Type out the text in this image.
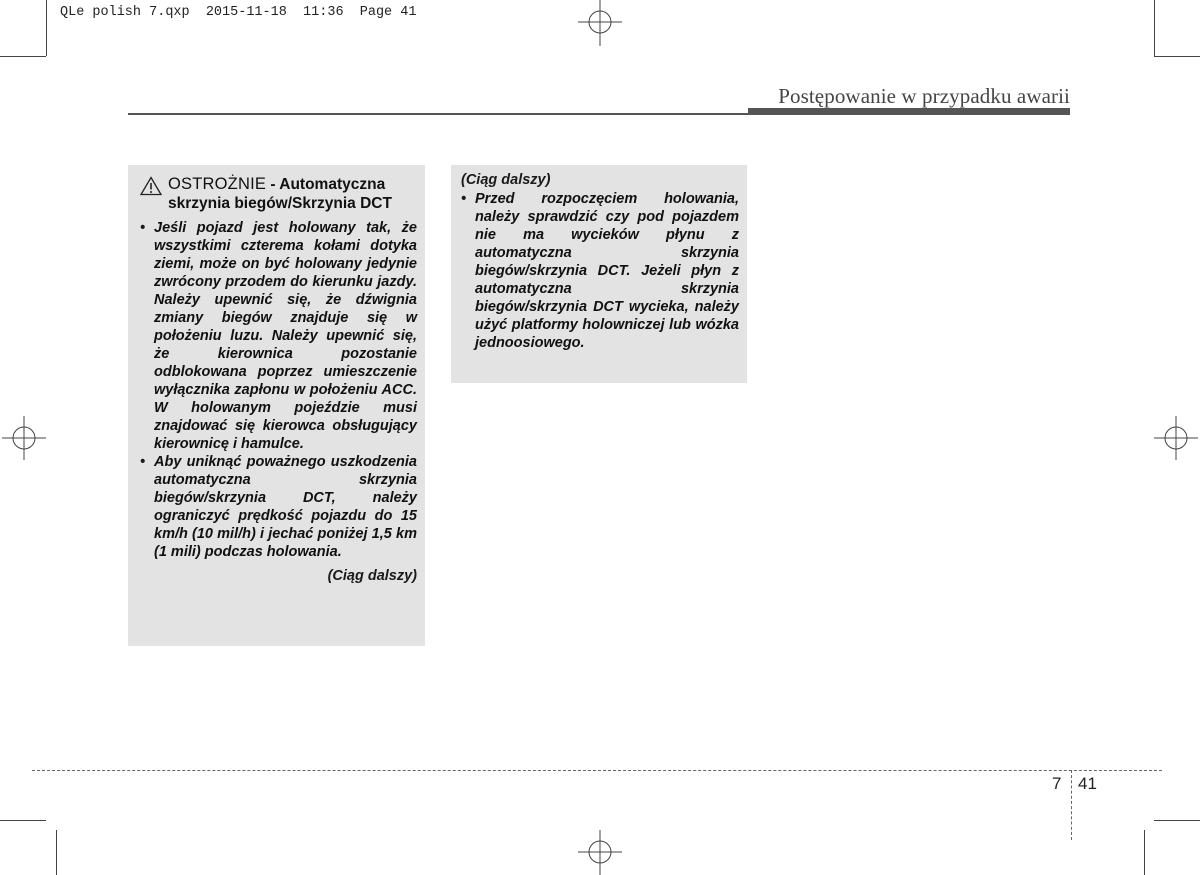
QLe polish 7.qxp  2015-11-18  11:36  Page 41
Postępowanie w przypadku awarii
OSTROŻNIE - Automatyczna skrzynia biegów/Skrzynia DCT
• Jeśli pojazd jest holowany tak, że wszystkimi czterema kołami dotyka ziemi, może on być holowany jedynie zwrócony przodem do kierunku jazdy. Należy upewnić się, że dźwignia zmiany biegów znajduje się w położeniu luzu. Należy upewnić się, że kierownica pozostanie odblokowana poprzez umieszczenie wyłącznika zapłonu w położeniu ACC. W holowanym pojeździe musi znajdować się kierowca obsługujący kierownicę i hamulce.
• Aby uniknąć poważnego uszkodzenia automatyczna skrzynia biegów/skrzynia DCT, należy ograniczyć prędkość pojazdu do 15 km/h (10 mil/h) i jechać poniżej 1,5 km (1 mili) podczas holowania.
(Ciąg dalszy)
(Ciąg dalszy)
• Przed rozpoczęciem holowania, należy sprawdzić czy pod pojazdem nie ma wycieków płynu z automatyczna skrzynia biegów/skrzynia DCT. Jeżeli płyn z automatyczna skrzynia biegów/skrzynia DCT wycieka, należy użyć platformy holowniczej lub wózka jednoosiowego.
7 41
